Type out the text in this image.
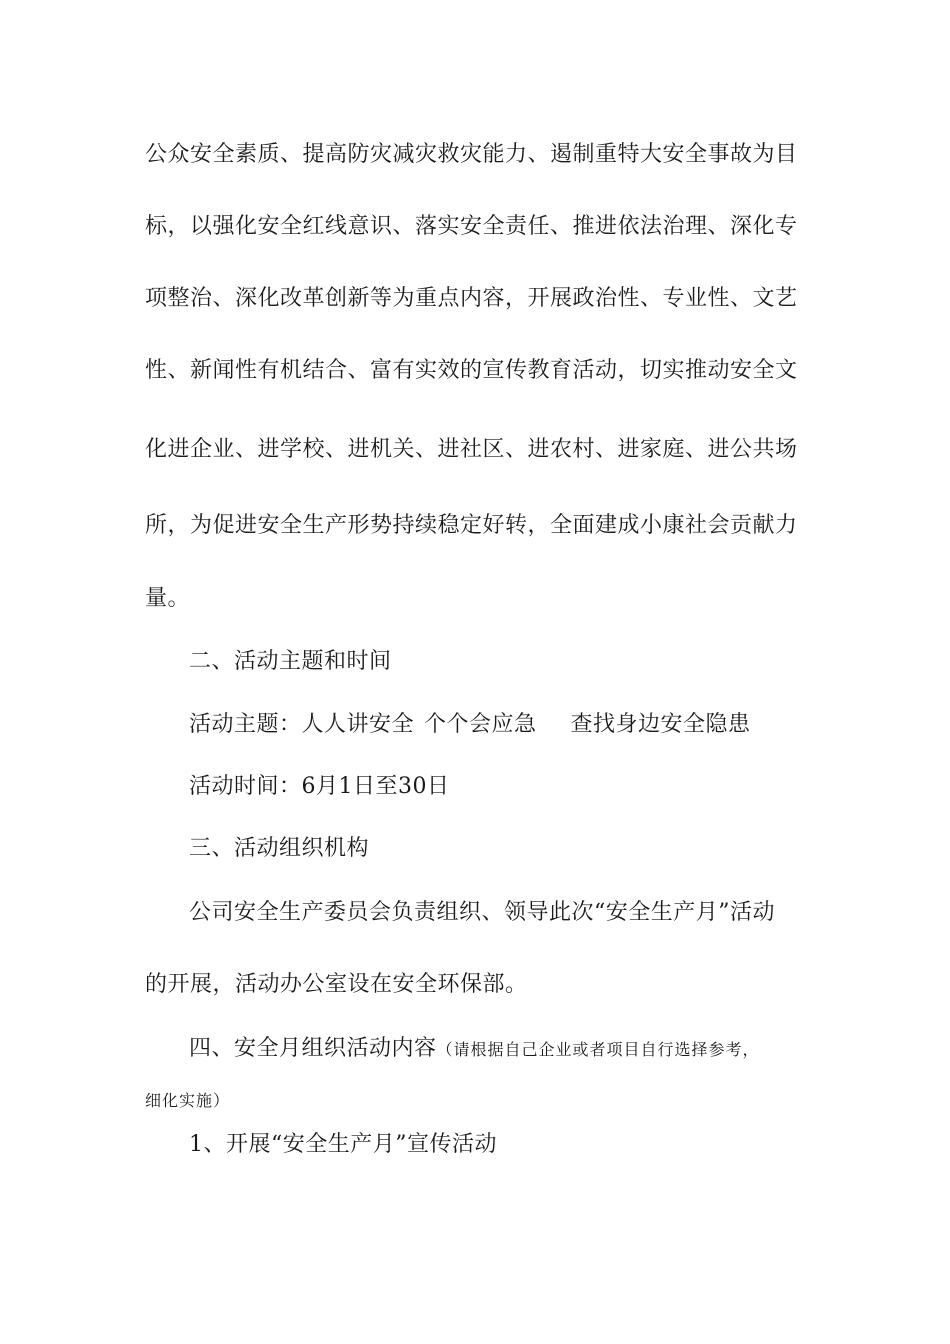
公众安全素质、提高防灾减灾救灾能力、遏制重特大安全事故为目
标，以强化安全红线意识、落实安全责任、推进依法治理、深化专
项整治、深化改革创新等为重点内容，开展政治性、专业性、文艺
性、新闻性有机结合、富有实效的宣传教育活动，切实推动安全文
化进企业、进学校、进机关、进社区、进农村、进家庭、进公共场
所，为促进安全生产形势持续稳定好转，全面建成小康社会贡献力
量。
二、活动主题和时间
活动主题：人人讲安全 个个会应急 查找身边安全隐患
活动时间：6月1日至30日
三、活动组织机构
公司安全生产委员会负责组织、领导此次“安全生产月”活动
的开展，活动办公室设在安全环保部。
四、安全月组织活动内容（请根据自己企业或者项目自行选择参考，
细化实施）
1、开展“安全生产月”宣传活动
